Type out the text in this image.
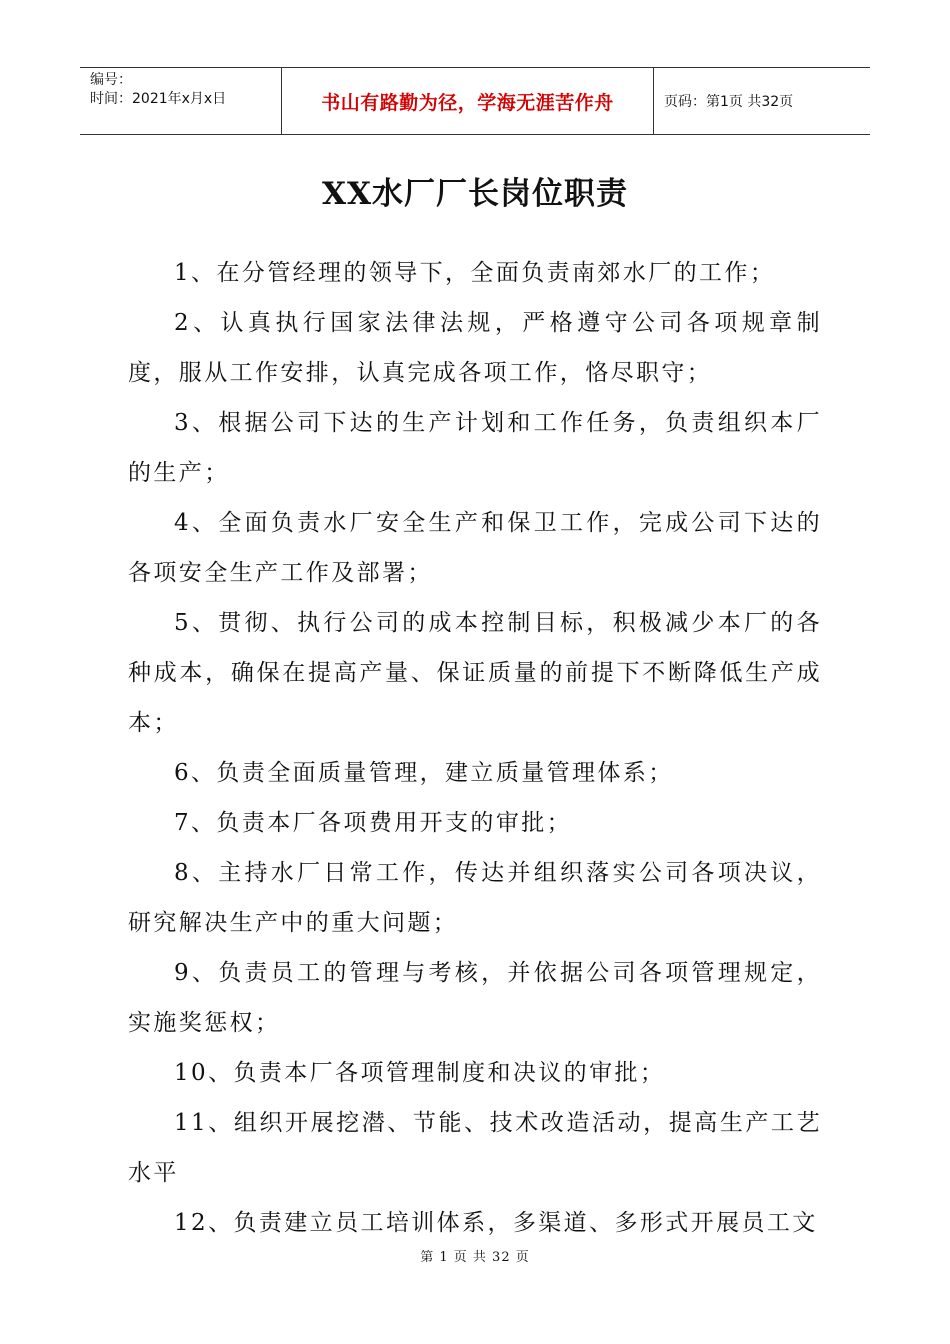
编号：
时间：2021年x月x日	书山有路勤为径，学海无涯苦作舟	页码：第1页 共32页
XX水厂厂长岗位职责

1、在分管经理的领导下，全面负责南郊水厂的工作；

2、认真执行国家法律法规，严格遵守公司各项规章制度，服从工作安排，认真完成各项工作，恪尽职守；

3、根据公司下达的生产计划和工作任务，负责组织本厂的生产；

4、全面负责水厂安全生产和保卫工作，完成公司下达的各项安全生产工作及部署；

5、贯彻、执行公司的成本控制目标，积极减少本厂的各种成本，确保在提高产量、保证质量的前提下不断降低生产成本；

6、负责全面质量管理，建立质量管理体系；

7、负责本厂各项费用开支的审批；

8、主持水厂日常工作，传达并组织落实公司各项决议，研究解决生产中的重大问题；

9、负责员工的管理与考核，并依据公司各项管理规定，实施奖惩权；

10、负责本厂各项管理制度和决议的审批；

11、组织开展挖潜、节能、技术改造活动，提高生产工艺水平

12、负责建立员工培训体系，多渠道、多形式开展员工文

第 1 页 共 32 页
